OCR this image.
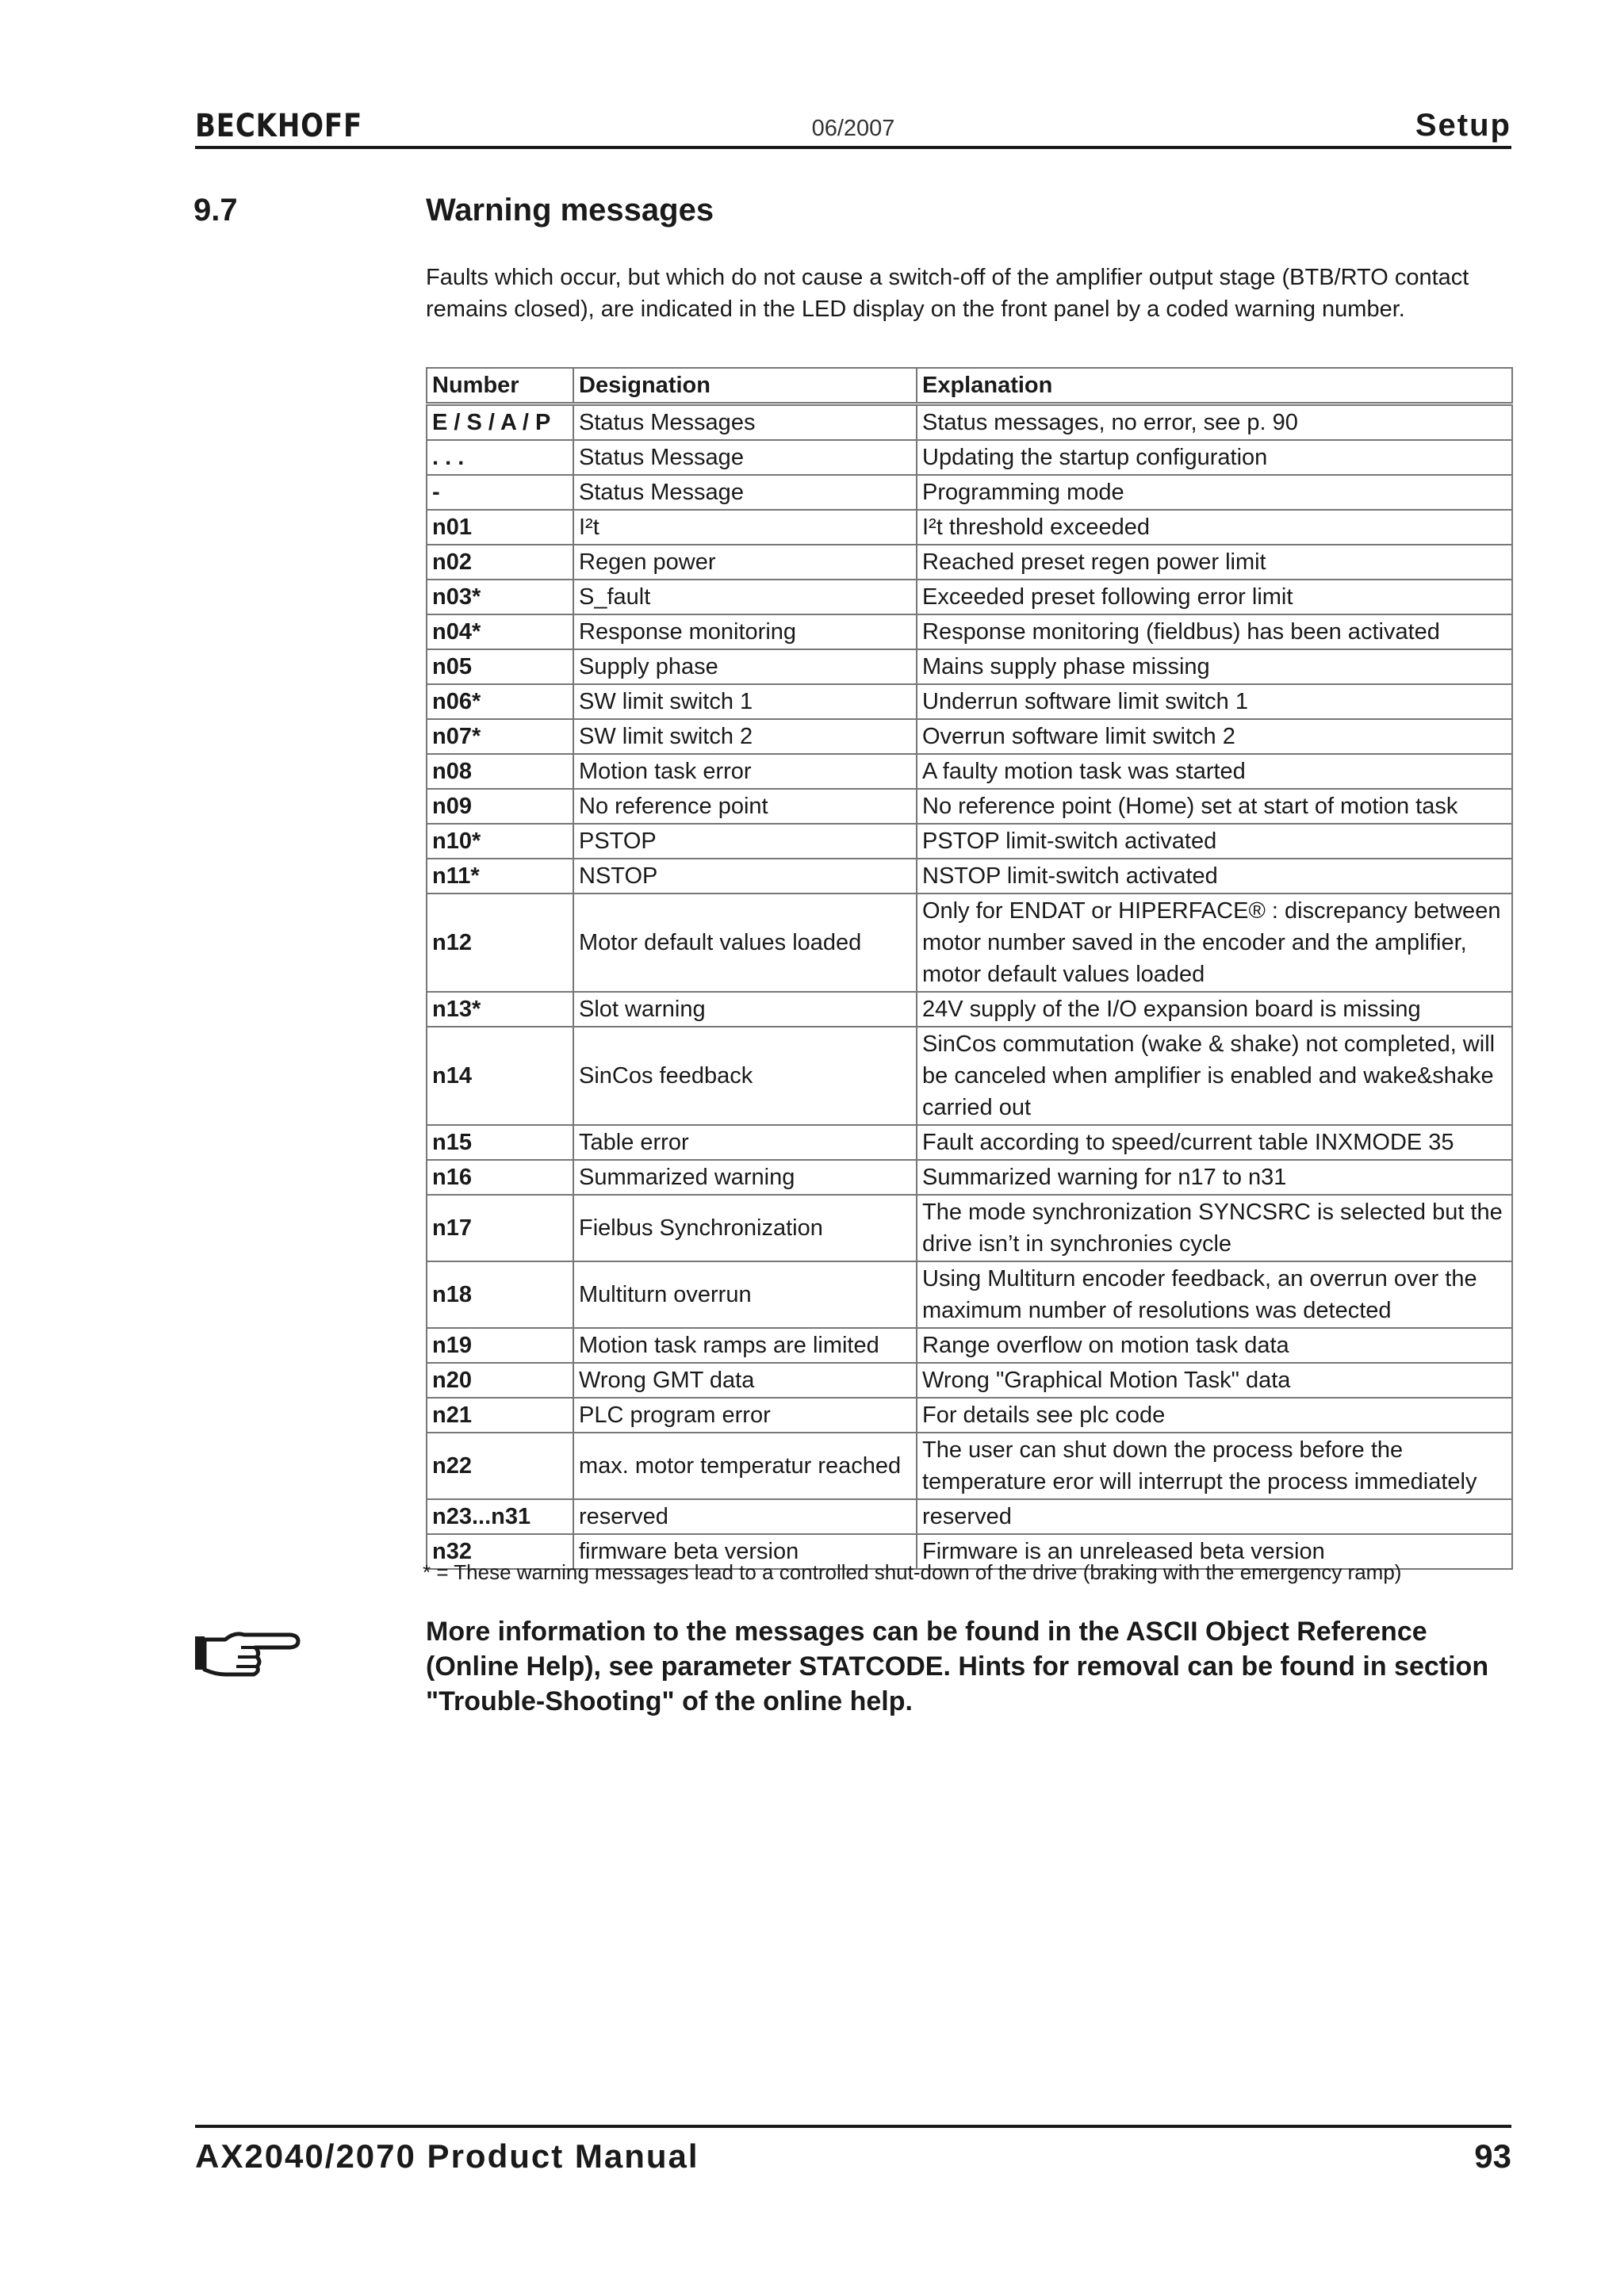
BECKHOFF	06/2007	Setup
9.7	Warning messages
Faults which occur, but which do not cause a switch-off of the amplifier output stage (BTB/RTO contact remains closed), are indicated in the LED display on the front panel by a coded warning number.
Number	Designation	Explanation
E / S / A / P	Status Messages	Status messages, no error, see p. 90
. . .	Status Message	Updating the startup configuration
-	Status Message	Programming mode
n01	I²t	I²t threshold exceeded
n02	Regen power	Reached preset regen power limit
n03*	S_fault	Exceeded preset following error limit
n04*	Response monitoring	Response monitoring (fieldbus) has been activated
n05	Supply phase	Mains supply phase missing
n06*	SW limit switch 1	Underrun software limit switch 1
n07*	SW limit switch 2	Overrun software limit switch 2
n08	Motion task error	A faulty motion task was started
n09	No reference point	No reference point (Home) set at start of motion task
n10*	PSTOP	PSTOP limit-switch activated
n11*	NSTOP	NSTOP limit-switch activated
n12	Motor default values loaded	Only for ENDAT or HIPERFACE® : discrepancy between motor number saved in the encoder and the amplifier, motor default values loaded
n13*	Slot warning	24V supply of the I/O expansion board is missing
n14	SinCos feedback	SinCos commutation (wake & shake) not completed, will be canceled when amplifier is enabled and wake&shake carried out
n15	Table error	Fault according to speed/current table INXMODE 35
n16	Summarized warning	Summarized warning for n17 to n31
n17	Fielbus Synchronization	The mode synchronization SYNCSRC is selected but the drive isn’t in synchronies cycle
n18	Multiturn overrun	Using Multiturn encoder feedback, an overrun over the maximum number of resolutions was detected
n19	Motion task ramps are limited	Range overflow on motion task data
n20	Wrong GMT data	Wrong "Graphical Motion Task" data
n21	PLC program error	For details see plc code
n22	max. motor temperatur reached	The user can shut down the process before the temperature eror will interrupt the process immediately
n23...n31	reserved	reserved
n32	firmware beta version	Firmware is an unreleased beta version
* = These warning messages lead to a controlled shut-down of the drive (braking with the emergency ramp)
More information to the messages can be found in the ASCII Object Reference (Online Help), see parameter STATCODE. Hints for removal can be found in section "Trouble-Shooting" of the online help.
AX2040/2070 Product Manual	93
